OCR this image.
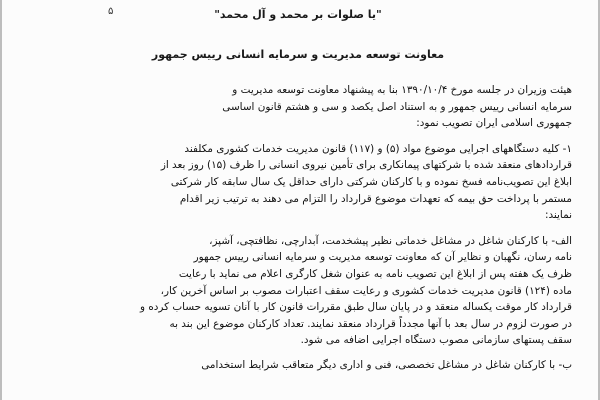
۵	"یا صلوات بر محمد و آل محمد"
معاونت توسعه مدیریت و سرمایه انسانی رییس جمهور
هیئت وزیران در جلسه مورخ ۱۳۹۰/۱۰/۴ بنا به پیشنهاد معاونت توسعه مدیریت و
سرمایه انسانی رییس جمهور و به استناد اصل یکصد و سی و هشتم قانون اساسی
جمهوری اسلامی ایران تصویب نمود:
۱- کلیه دستگاههای اجرایی موضوع مواد (۵) و (۱۱۷) قانون مدیریت خدمات کشوری مکلفند
قراردادهای منعقد شده با شرکتهای پیمانکاری برای تأمین نیروی انسانی را ظرف (۱۵) روز بعد از
ابلاغ این تصویب‌نامه فسخ نموده و با کارکنان شرکتی دارای حداقل یک سال سابقه کار شرکتی
مستمر با پرداخت حق بیمه که تعهدات موضوع قرارداد را التزام می دهند به ترتیب زیر اقدام
نمایند:
الف- با کارکنان شاغل در مشاغل خدماتی نظیر پیشخدمت، آبدارچی، نظافتچی، آشپز،
نامه رسان، نگهبان و نظایر آن که معاونت توسعه مدیریت و سرمایه انسانی رییس جمهور
ظرف یک هفته پس از ابلاغ این تصویب نامه به عنوان شغل کارگری اعلام می نماید با رعایت
ماده (۱۲۴) قانون مدیریت خدمات کشوری و رعایت سقف اعتبارات مصوب بر اساس آخرین کار،
قرارداد کار موقت یکساله منعقد و در پایان سال طبق مقررات قانون کار با آنان تسویه حساب کرده و
در صورت لزوم در سال بعد با آنها مجدداً قرارداد منعقد نمایند. تعداد کارکنان موضوع این بند به
سقف پستهای سازمانی مصوب دستگاه اجرایی اضافه می شود.
ب- با کارکنان شاغل در مشاغل تخصصی، فنی و اداری دیگر متعاقب شرایط استخدامی
